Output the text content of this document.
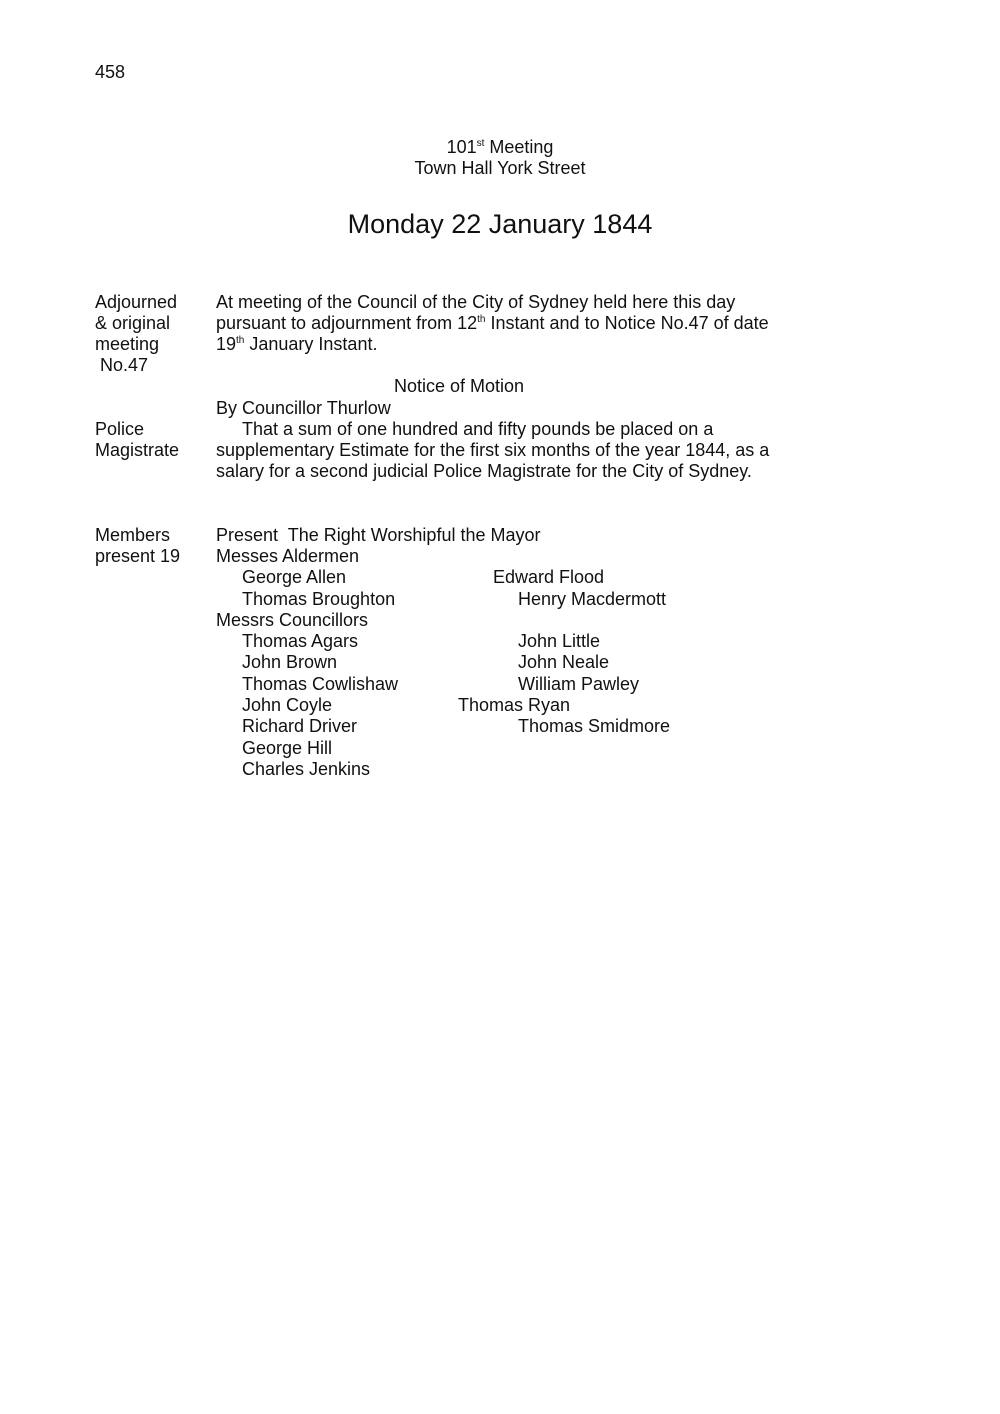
458
101st Meeting
Town Hall York Street
Monday 22 January 1844
Adjourned
& original
meeting
No.47
Police
Magistrate
Members
present 19
At meeting of the Council of the City of Sydney held here this day
pursuant to adjournment from 12th Instant and to Notice No.47 of date
19th January Instant.
Notice of Motion
By Councillor Thurlow
That a sum of one hundred and fifty pounds be placed on a
supplementary Estimate for the first six months of the year 1844, as a
salary for a second judicial Police Magistrate for the City of Sydney.
Present  The Right Worshipful the Mayor
Messes Aldermen
George Allen	Edward Flood
Thomas Broughton	Henry Macdermott
Messrs Councillors
Thomas Agars	John Little
John Brown	John Neale
Thomas Cowlishaw	William Pawley
John Coyle	Thomas Ryan
Richard Driver	Thomas Smidmore
George Hill
Charles Jenkins
